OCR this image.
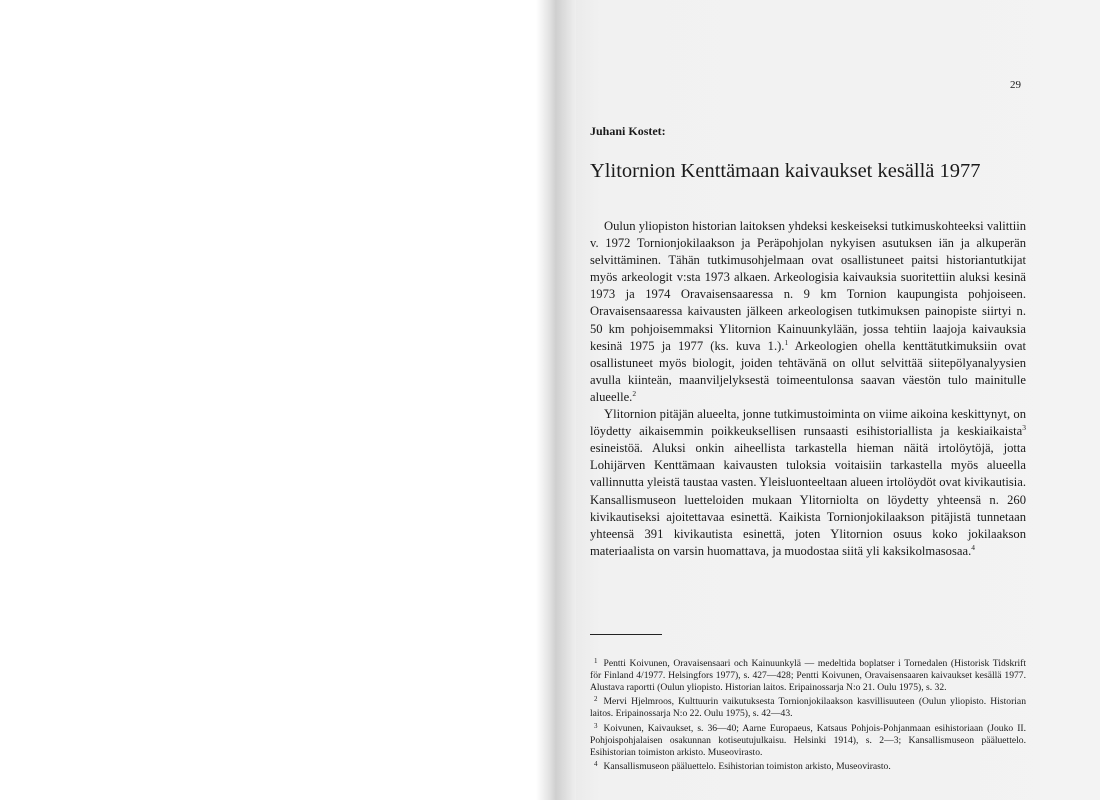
29
Juhani Kostet:
Ylitornion Kenttämaan kaivaukset kesällä 1977

Oulun yliopiston historian laitoksen yhdeksi keskeiseksi tutkimuskohteeksi valittiin v. 1972 Tornionjokilaakson ja Peräpohjolan nykyisen asutuksen iän ja alkuperän selvittäminen. Tähän tutkimusohjelmaan ovat osallistuneet paitsi historiantutkijat myös arkeologit v:sta 1973 alkaen. Arkeologisia kaivauksia suoritettiin aluksi kesinä 1973 ja 1974 Oravaisensaaressa n. 9 km Tornion kaupungista pohjoiseen. Oravaisensaaressa kaivausten jälkeen arkeologisen tutkimuksen painopiste siirtyi n. 50 km pohjoisemmaksi Ylitornion Kainuunkylään, jossa tehtiin laajoja kaivauksia kesinä 1975 ja 1977 (ks. kuva 1.).$^1$ Arkeologien ohella kenttätutkimuksiin ovat osallistuneet myös biologit, joiden tehtävänä on ollut selvittää siitepölyanalyysien avulla kiinteän, maanviljelyksestä toimeentulonsa saavan väestön tulo mainitulle alueelle.$^2$

Ylitornion pitäjän alueelta, jonne tutkimustoiminta on viime aikoina keskittynyt, on löydetty aikaisemmin poikkeuksellisen runsaasti esihistoriallista ja keskiaikaista$^3$ esineistöä. Aluksi onkin aiheellista tarkastella hieman näitä irtolöytöjä, jotta Lohijärven Kenttämaan kaivausten tuloksia voitaisiin tarkastella myös alueella vallinnutta yleistä taustaa vasten. Yleisluonteeltaan alueen irtolöydöt ovat kivikautisia. Kansallismuseon luetteloiden mukaan Ylitorniolta on löydetty yhteensä n. 260 kivikautiseksi ajoitettavaa esinettä. Kaikista Tornionjokilaakson pitäjistä tunnetaan yhteensä 391 kivikautista esinettä, joten Ylitornion osuus koko jokilaakson materiaalista on varsin huomattava, ja muodostaa siitä yli kaksikolmasosaa.$^4$

$^1$ Pentti Koivunen, Oravaisensaari och Kainuunkylä — medeltida boplatser i Tornedalen (Historisk Tidskrift för Finland 4/1977. Helsingfors 1977), s. 427—428; Pentti Koivunen, Oravaisensaaren kaivaukset kesällä 1977. Alustava raportti (Oulun yliopisto. Historian laitos. Eripainossarja N:o 21. Oulu 1975), s. 32.

$^2$ Mervi Hjelmroos, Kulttuurin vaikutuksesta Tornionjokilaakson kasvillisuuteen (Oulun yliopisto. Historian laitos. Eripainossarja N:o 22. Oulu 1975), s. 42—43.

$^3$ Koivunen, Kaivaukset, s. 36—40; Aarne Europaeus, Katsaus Pohjois-Pohjanmaan esihistoriaan (Jouko II. Pohjoispohjalaisen osakunnan kotiseutujulkaisu. Helsinki 1914), s. 2—3; Kansallismuseon pääluettelo. Esihistorian toimiston arkisto. Museovirasto.

$^4$ Kansallismuseon pääluettelo. Esihistorian toimiston arkisto, Museovirasto.
